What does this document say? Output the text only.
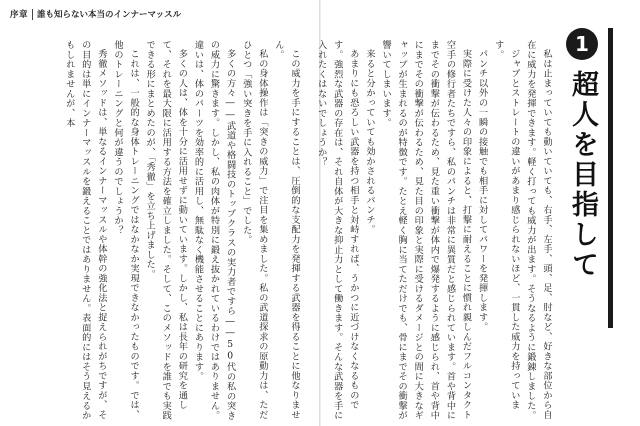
序章 誰も知らない本当のインナーマッスル

この威力を手にすることは、圧倒的な支配力を発揮する武器を得ることに他なりません。

私の身体操作は「突きの威力」で注目を集めました。私の武道探求の原動力は、ただひとつ「強い突きを手に入れること」でした。

多くの方々――武道や格闘技のトップクラスの実力者ですら――50代の私の突きの威力に驚きます。しかし、私の肉体が特別に鍛え抜かれているわけではありません。違いは、体のパーツを効率的に活用し、無駄なく機能させることにあります。

多くの人は、体を十分に活用せずに動いています。しかし、私は長年の研究を通して、それを最大限に活用する方法を確立しました。そして、このメソッドを誰でも実践できる形にまとめたのが、「秀徹」を立ち上げました。

これは、一般的な身体トレーニングではなかなか実現できなかったものです。では、他のトレーニングと何が違うのでしょうか？

秀徹メソッドは、単なるインナーマッスルや体幹の強化法と捉えられがちですが、その目的は単にインナーマッスルを鍛えることではありません。表面的にはそう見えるかもしれませんが、本	私は止まっていても動いていても、右手、左手、頭、足、肘など、好きな部位から自在に威力を発揮できます。軽く打っても威力が出ます。そうなるように鍛錬しました。

ジャブとストレートの違いがあまり感じられないほど、一貫した威力を持っています。

パンチ以外の一瞬の接触でも相手に対してパワーを発揮します。

実際に受けた人々の印象によると、打撃に耐えることに慣れ親しんだフルコンタクト空手の修行者たちですら、私のパンチは非常に異質だと感じられています。首や背中にまでその衝撃が伝わるため、見た重い衝撃が体内で爆発するように感じられ、首や背中にまでその衝撃が伝わるため、見た目の印象と実際に受けるダメージとの間に大きなギャップが生まれるのが特徴です。たとえ軽く胸に当てただけでも、骨にまでその衝撃が響いてしまいます。

来ると分かっていても効かされるパンチ。

あまりにも恐ろしい武器を持つ相手と対峙すれば、うかつに近づけなくなるものです。強烈な武器の存在は、それ自体が大きな抑止力として働きます。そんな武器を手に入れたくはないでしょうか？	1
超人を目指して
